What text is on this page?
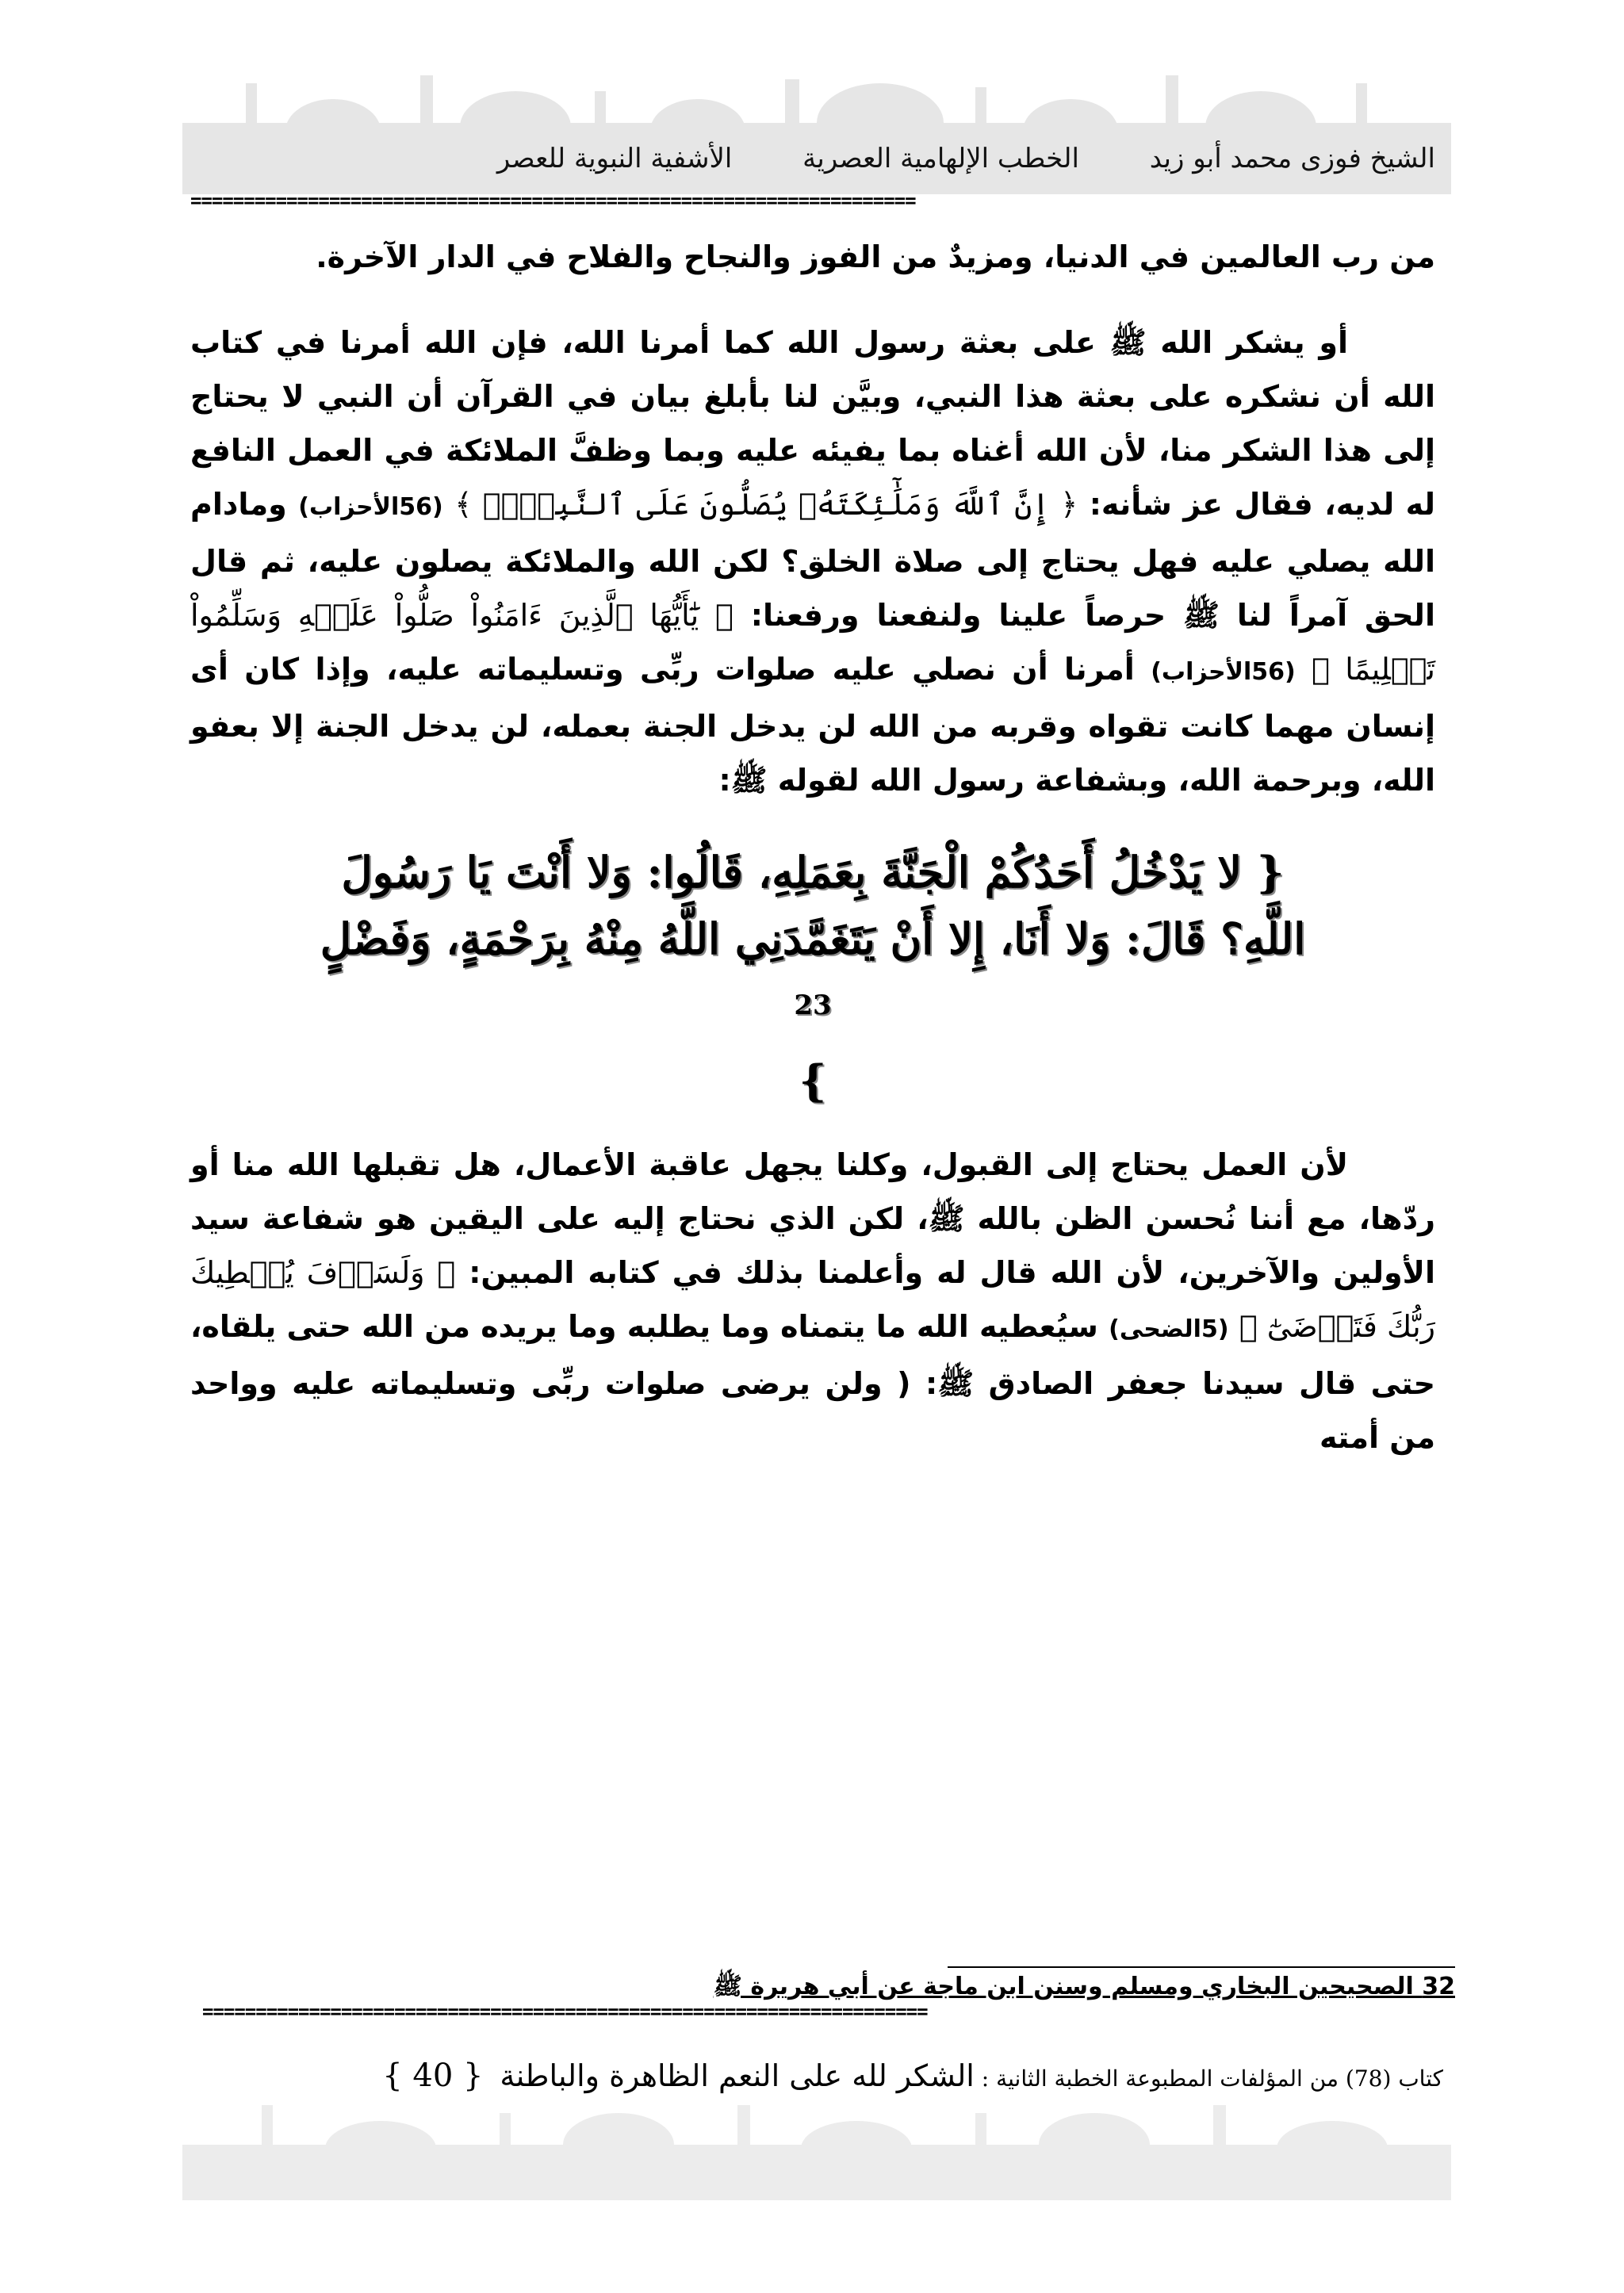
الشيخ فوزى محمد أبو زيد الخطب الإلهامية العصرية الأشفية النبوية للعصر
====================================================================

من رب العالمين في الدنيا، ومزيدٌ من الفوز والنجاح والفلاح في الدار الآخرة.

أو يشكر الله ﷺ على بعثة رسول الله كما أمرنا الله، فإن الله أمرنا في كتاب الله أن نشكره على بعثة هذا النبي، وبيَّن لنا بأبلغ بيان في القرآن أن النبي لا يحتاج إلى هذا الشكر منا، لأن الله أغناه بما يفيئه عليه وبما وظفَّ الملائكة في العمل النافع له لديه، فقال عز شأنه: ﴿ إِنَّ ٱللَّهَ وَمَلَٰٓئِكَتَهُۥ يُصَلُّونَ عَلَى ٱلنَّبِيِّۚ ﴾ (56الأحزاب) ومادام الله يصلي عليه فهل يحتاج إلى صلاة الخلق؟ لكن الله والملائكة يصلون عليه، ثم قال الحق آمراً لنا ﷺ حرصاً علينا ولنفعنا ورفعنا: ﴿ يَٰٓأَيُّهَا ٱلَّذِينَ ءَامَنُواْ صَلُّواْ عَلَيۡهِ وَسَلِّمُواْ تَسۡلِيمًا ﴾ (56الأحزاب) أمرنا أن نصلي عليه صلوات ربِّى وتسليماته عليه، وإذا كان أى إنسان مهما كانت تقواه وقربه من الله لن يدخل الجنة بعمله، لن يدخل الجنة إلا بعفو الله، وبرحمة الله، وبشفاعة رسول الله لقوله ﷺ:

{ لا يَدْخُلُ أَحَدُكُمْ الْجَنَّةَ بِعَمَلِهِ، قَالُوا: وَلا أَنْتَ يَا رَسُولَ
اللَّهِ؟ قَالَ: وَلا أَنَا، إِلا أَنْ يَتَغَمَّدَنِي اللَّهُ مِنْهُ بِرَحْمَةٍ، وَفَضْلٍ
$^{23}$
}

لأن العمل يحتاج إلى القبول، وكلنا يجهل عاقبة الأعمال، هل تقبلها الله منا أو ردّها، مع أننا نُحسن الظن بالله ﷺ، لكن الذي نحتاج إليه على اليقين هو شفاعة سيد الأولين والآخرين، لأن الله قال له وأعلمنا بذلك في كتابه المبين: ﴿ وَلَسَوۡفَ يُعۡطِيكَ رَبُّكَ فَتَرۡضَىٰٓ ﴾ (5الضحى) سيُعطيه الله ما يتمناه وما يطلبه وما يريده من الله حتى يلقاه، حتى قال سيدنا جعفر الصادق ﷺ: ( ولن يرضى صلوات ربِّى وتسليماته عليه وواحد من أمته

32 الصحيحين البخاري ومسلم وسنن ابن ماجة عن أبي هريرة ﷺ
====================================================================
كتاب (78) من المؤلفات المطبوعة الخطبة الثانية : الشكر لله على النعم الظاهرة والباطنة { 40 }
